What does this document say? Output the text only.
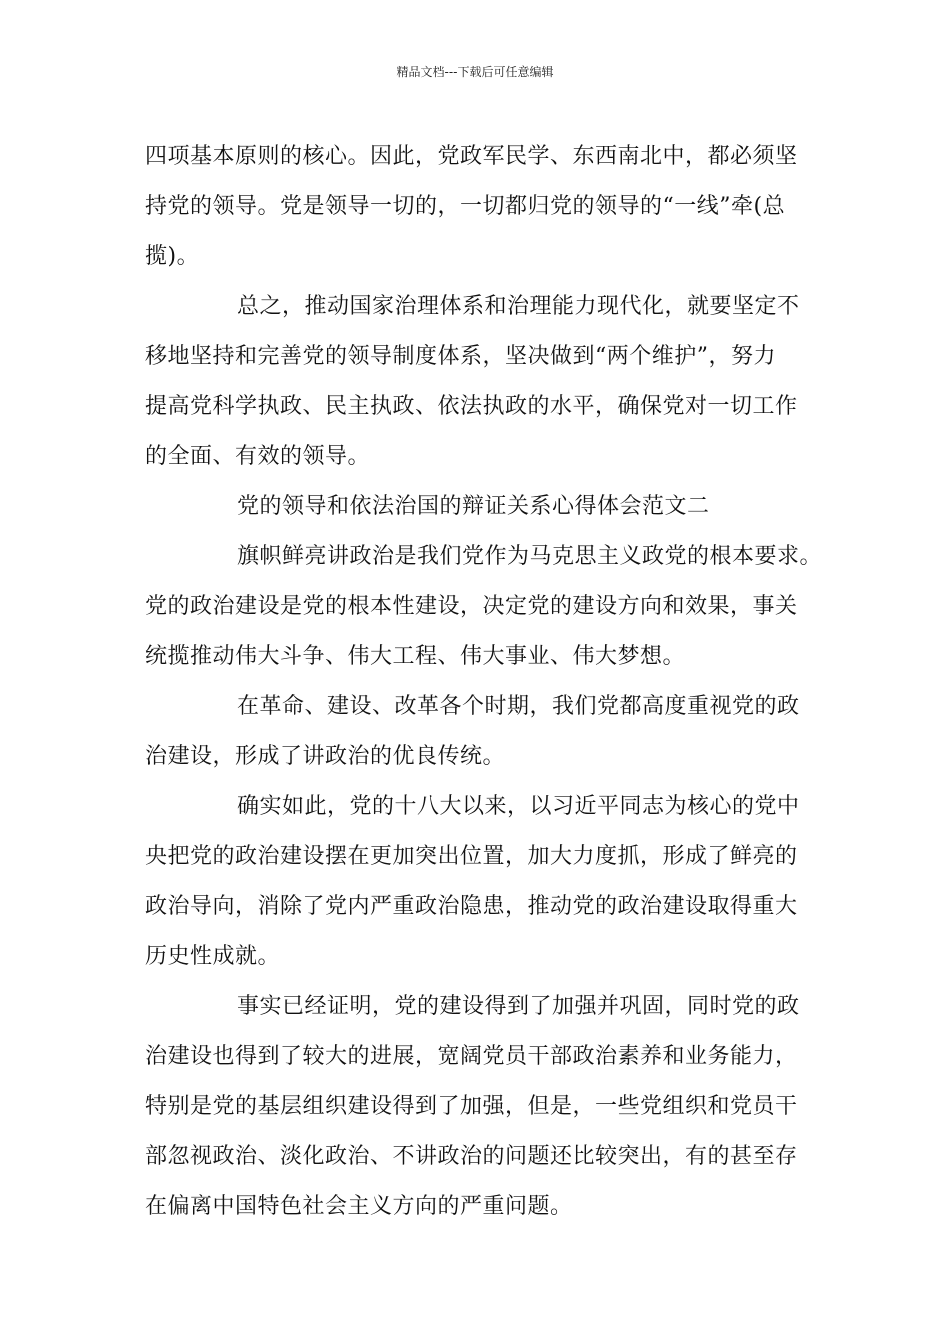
精品文档---下载后可任意编辑
四项基本原则的核心。因此，党政军民学、东西南北中，都必须坚
持党的领导。党是领导一切的，一切都归党的领导的“一线”牵(总
揽)。
总之，推动国家治理体系和治理能力现代化，就要坚定不
移地坚持和完善党的领导制度体系，坚决做到“两个维护”，努力
提高党科学执政、民主执政、依法执政的水平，确保党对一切工作
的全面、有效的领导。
党的领导和依法治国的辩证关系心得体会范文二
旗帜鲜亮讲政治是我们党作为马克思主义政党的根本要求。
党的政治建设是党的根本性建设，决定党的建设方向和效果，事关
统揽推动伟大斗争、伟大工程、伟大事业、伟大梦想。
在革命、建设、改革各个时期，我们党都高度重视党的政
治建设，形成了讲政治的优良传统。
确实如此，党的十八大以来，以习近平同志为核心的党中
央把党的政治建设摆在更加突出位置，加大力度抓，形成了鲜亮的
政治导向，消除了党内严重政治隐患，推动党的政治建设取得重大
历史性成就。
事实已经证明，党的建设得到了加强并巩固，同时党的政
治建设也得到了较大的进展，宽阔党员干部政治素养和业务能力，
特别是党的基层组织建设得到了加强，但是，一些党组织和党员干
部忽视政治、淡化政治、不讲政治的问题还比较突出，有的甚至存
在偏离中国特色社会主义方向的严重问题。
